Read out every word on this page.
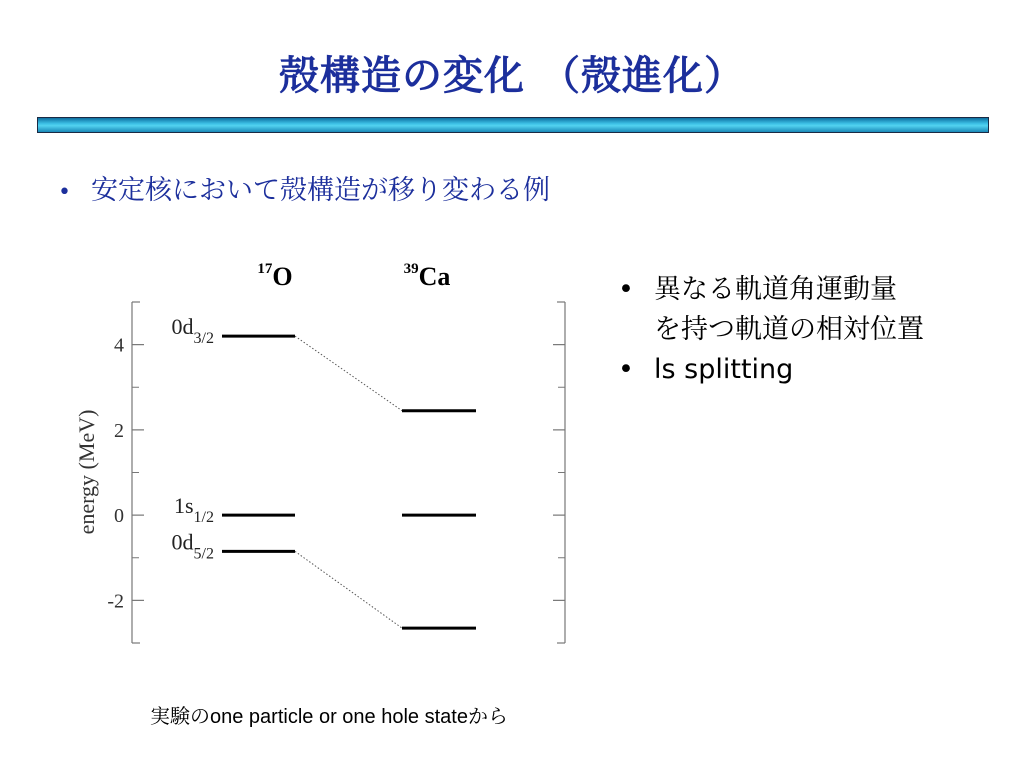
殻構造の変化 （殻進化）
• 安定核において殻構造が移り変わる例
-2
0
2
4
$0d_{3/2}$
$1s_{1/2}$
$0d_{5/2}$
energy (MeV)
17O	39Ca	• 異なる軌道角運動量
を持つ軌道の相対位置
• ls splitting
実験のone particle or one hole stateから
